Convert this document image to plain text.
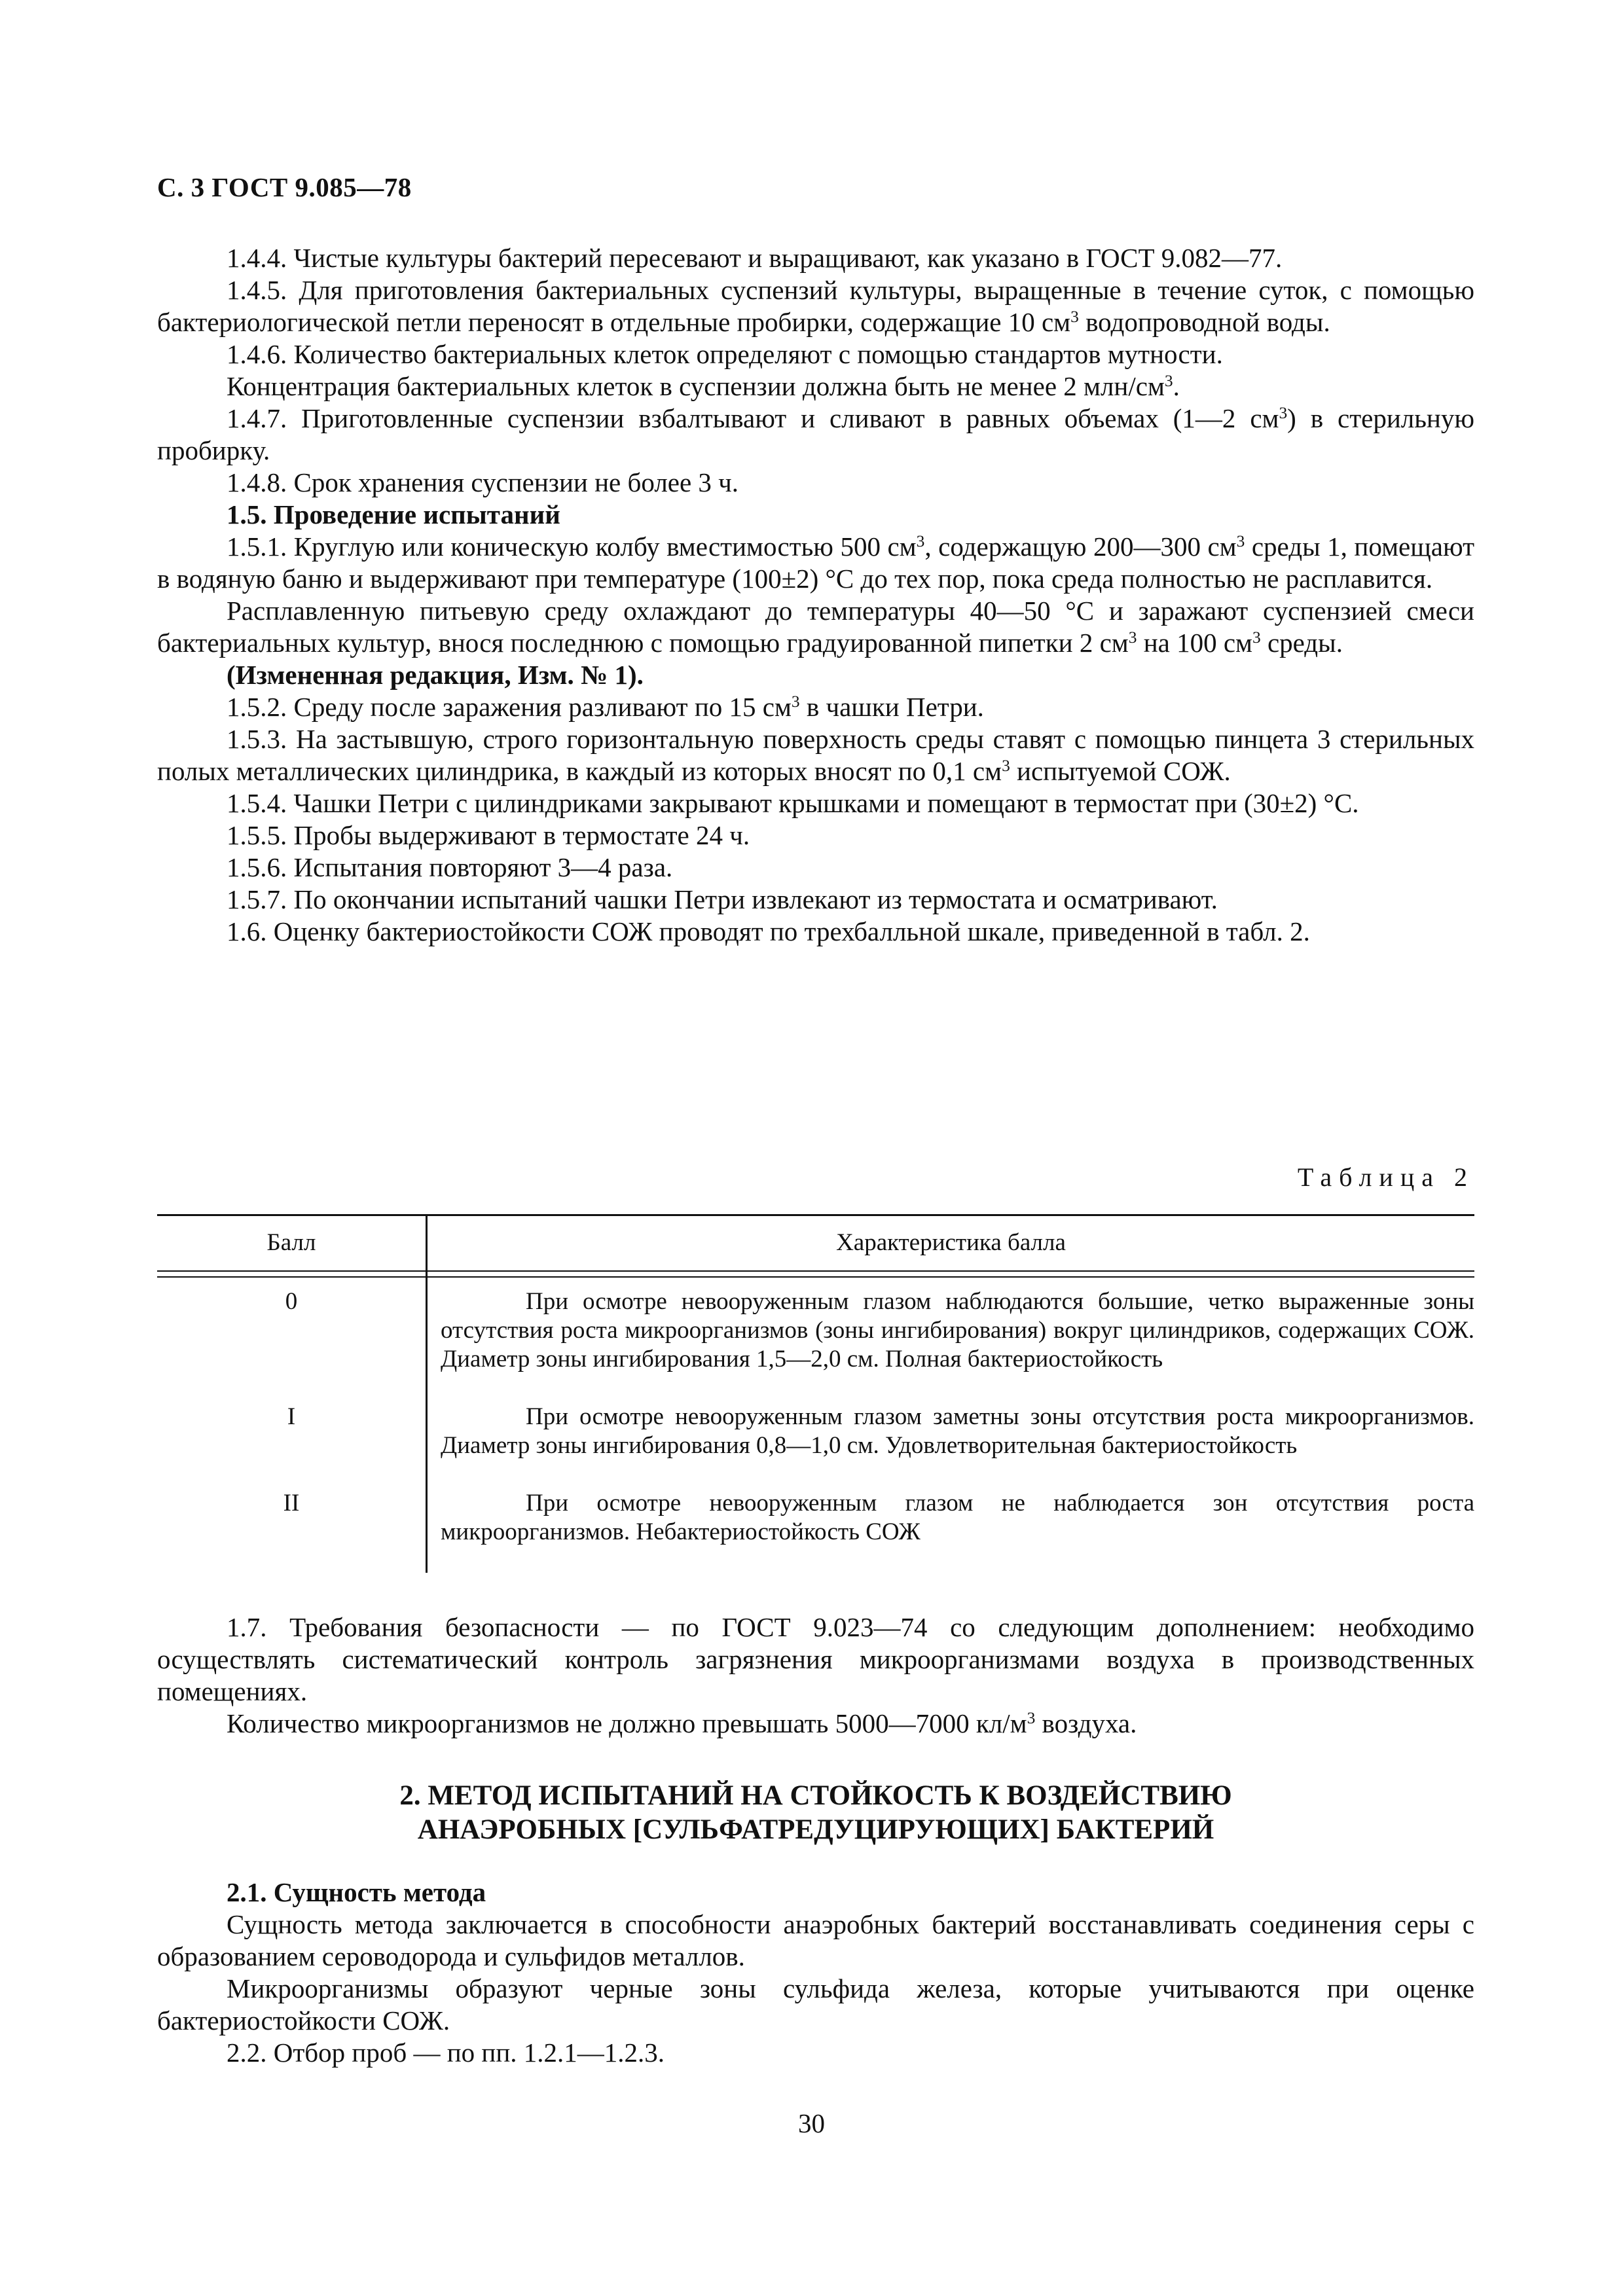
С. 3 ГОСТ 9.085—78

1.4.4. Чистые культуры бактерий пересевают и выращивают, как указано в ГОСТ 9.082—77.

1.4.5. Для приготовления бактериальных суспензий культуры, выращенные в течение суток, с помощью бактериологической петли переносят в отдельные пробирки, содержащие 10 $см^3$ водопроводной воды.

1.4.6. Количество бактериальных клеток определяют с помощью стандартов мутности.

Концентрация бактериальных клеток в суспензии должна быть не менее 2 млн/$см^3$.

1.4.7. Приготовленные суспензии взбалтывают и сливают в равных объемах (1—2 $см^3$) в стерильную пробирку.

1.4.8. Срок хранения суспензии не более 3 ч.

1.5. Проведение испытаний

1.5.1. Круглую или коническую колбу вместимостью 500 $см^3$, содержащую 200—300 $см^3$ среды 1, помещают в водяную баню и выдерживают при температуре (100±2) °С до тех пор, пока среда полностью не расплавится.

Расплавленную питьевую среду охлаждают до температуры 40—50 °С и заражают суспензией смеси бактериальных культур, внося последнюю с помощью градуированной пипетки 2 $см^3$ на 100 $см^3$ среды.

(Измененная редакция, Изм. № 1).

1.5.2. Среду после заражения разливают по 15 $см^3$ в чашки Петри.

1.5.3. На застывшую, строго горизонтальную поверхность среды ставят с помощью пинцета 3 стерильных полых металлических цилиндрика, в каждый из которых вносят по 0,1 $см^3$ испытуемой СОЖ.

1.5.4. Чашки Петри с цилиндриками закрывают крышками и помещают в термостат при (30±2) °С.

1.5.5. Пробы выдерживают в термостате 24 ч.

1.5.6. Испытания повторяют 3—4 раза.

1.5.7. По окончании испытаний чашки Петри извлекают из термостата и осматривают.

1.6. Оценку бактериостойкости СОЖ проводят по трехбалльной шкале, приведенной в табл. 2.

Таблица 2
Балл	Характеристика балла
0	При осмотре невооруженным глазом наблюдаются большие, четко выраженные зоны отсутствия роста микроорганизмов (зоны ингибирования) вокруг цилиндриков, содержащих СОЖ. Диаметр зоны ингибирования 1,5—2,0 см. Полная бактериостойкость
I	При осмотре невооруженным глазом заметны зоны отсутствия роста микроорганизмов. Диаметр зоны ингибирования 0,8—1,0 см. Удовлетворительная бактериостойкость
II	При осмотре невооруженным глазом не наблюдается зон отсутствия роста микроорганизмов. Небактериостойкость СОЖ

1.7. Требования безопасности — по ГОСТ 9.023—74 со следующим дополнением: необходимо осуществлять систематический контроль загрязнения микроорганизмами воздуха в производственных помещениях.

Количество микроорганизмов не должно превышать 5000—7000 $кл/м^3$ воздуха.

2. МЕТОД ИСПЫТАНИЙ НА СТОЙКОСТЬ К ВОЗДЕЙСТВИЮ
АНАЭРОБНЫХ [СУЛЬФАТРЕДУЦИРУЮЩИХ] БАКТЕРИЙ

2.1. Сущность метода

Сущность метода заключается в способности анаэробных бактерий восстанавливать соединения серы с образованием сероводорода и сульфидов металлов.

Микроорганизмы образуют черные зоны сульфида железа, которые учитываются при оценке бактериостойкости СОЖ.

2.2. Отбор проб — по пп. 1.2.1—1.2.3.

30
